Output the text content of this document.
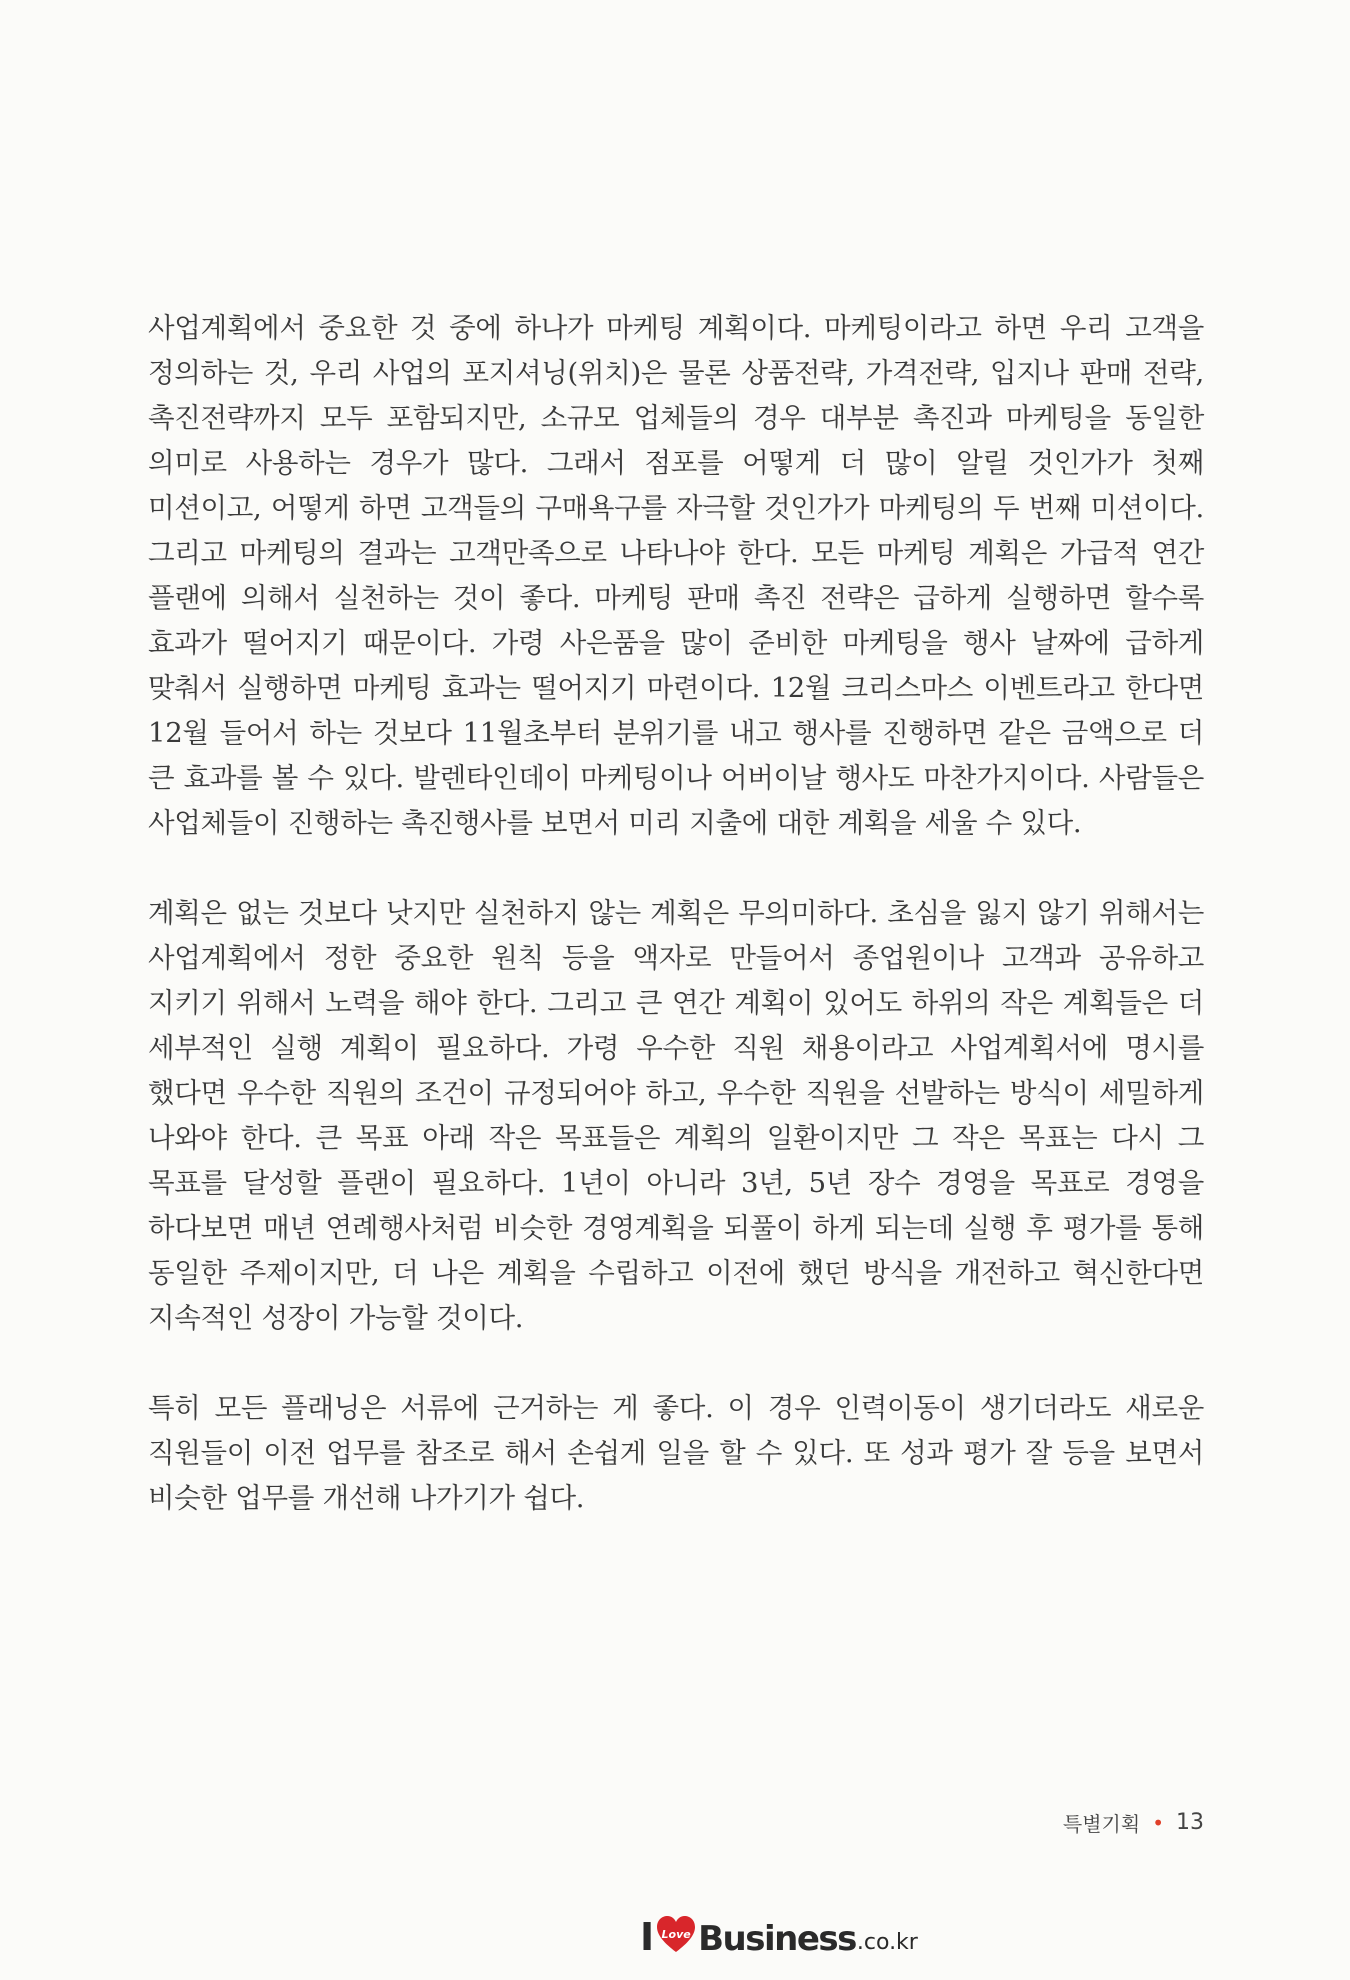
사업계획에서 중요한 것 중에 하나가 마케팅 계획이다. 마케팅이라고 하면 우리 고객을 정의하는 것, 우리 사업의 포지셔닝(위치)은 물론 상품전략, 가격전략, 입지나 판매 전략, 촉진전략까지 모두 포함되지만, 소규모 업체들의 경우 대부분 촉진과 마케팅을 동일한 의미로 사용하는 경우가 많다. 그래서 점포를 어떻게 더 많이 알릴 것인가가 첫째 미션이고, 어떻게 하면 고객들의 구매욕구를 자극할 것인가가 마케팅의 두 번째 미션이다. 그리고 마케팅의 결과는 고객만족으로 나타나야 한다. 모든 마케팅 계획은 가급적 연간 플랜에 의해서 실천하는 것이 좋다. 마케팅 판매 촉진 전략은 급하게 실행하면 할수록 효과가 떨어지기 때문이다. 가령 사은품을 많이 준비한 마케팅을 행사 날짜에 급하게 맞춰서 실행하면 마케팅 효과는 떨어지기 마련이다. 12월 크리스마스 이벤트라고 한다면 12월 들어서 하는 것보다 11월초부터 분위기를 내고 행사를 진행하면 같은 금액으로 더 큰 효과를 볼 수 있다. 발렌타인데이 마케팅이나 어버이날 행사도 마찬가지이다. 사람들은 사업체들이 진행하는 촉진행사를 보면서 미리 지출에 대한 계획을 세울 수 있다.

계획은 없는 것보다 낫지만 실천하지 않는 계획은 무의미하다. 초심을 잃지 않기 위해서는 사업계획에서 정한 중요한 원칙 등을 액자로 만들어서 종업원이나 고객과 공유하고 지키기 위해서 노력을 해야 한다. 그리고 큰 연간 계획이 있어도 하위의 작은 계획들은 더 세부적인 실행 계획이 필요하다. 가령 우수한 직원 채용이라고 사업계획서에 명시를 했다면 우수한 직원의 조건이 규정되어야 하고, 우수한 직원을 선발하는 방식이 세밀하게 나와야 한다. 큰 목표 아래 작은 목표들은 계획의 일환이지만 그 작은 목표는 다시 그 목표를 달성할 플랜이 필요하다. 1년이 아니라 3년, 5년 장수 경영을 목표로 경영을 하다보면 매년 연례행사처럼 비슷한 경영계획을 되풀이 하게 되는데 실행 후 평가를 통해 동일한 주제이지만, 더 나은 계획을 수립하고 이전에 했던 방식을 개전하고 혁신한다면 지속적인 성장이 가능할 것이다.

특히 모든 플래닝은 서류에 근거하는 게 좋다. 이 경우 인력이동이 생기더라도 새로운 직원들이 이전 업무를 참조로 해서 손쉽게 일을 할 수 있다. 또 성과 평가 잘 등을 보면서 비슷한 업무를 개선해 나가기가 쉽다.

특별기획 • 13
I Love Business .co.kr
